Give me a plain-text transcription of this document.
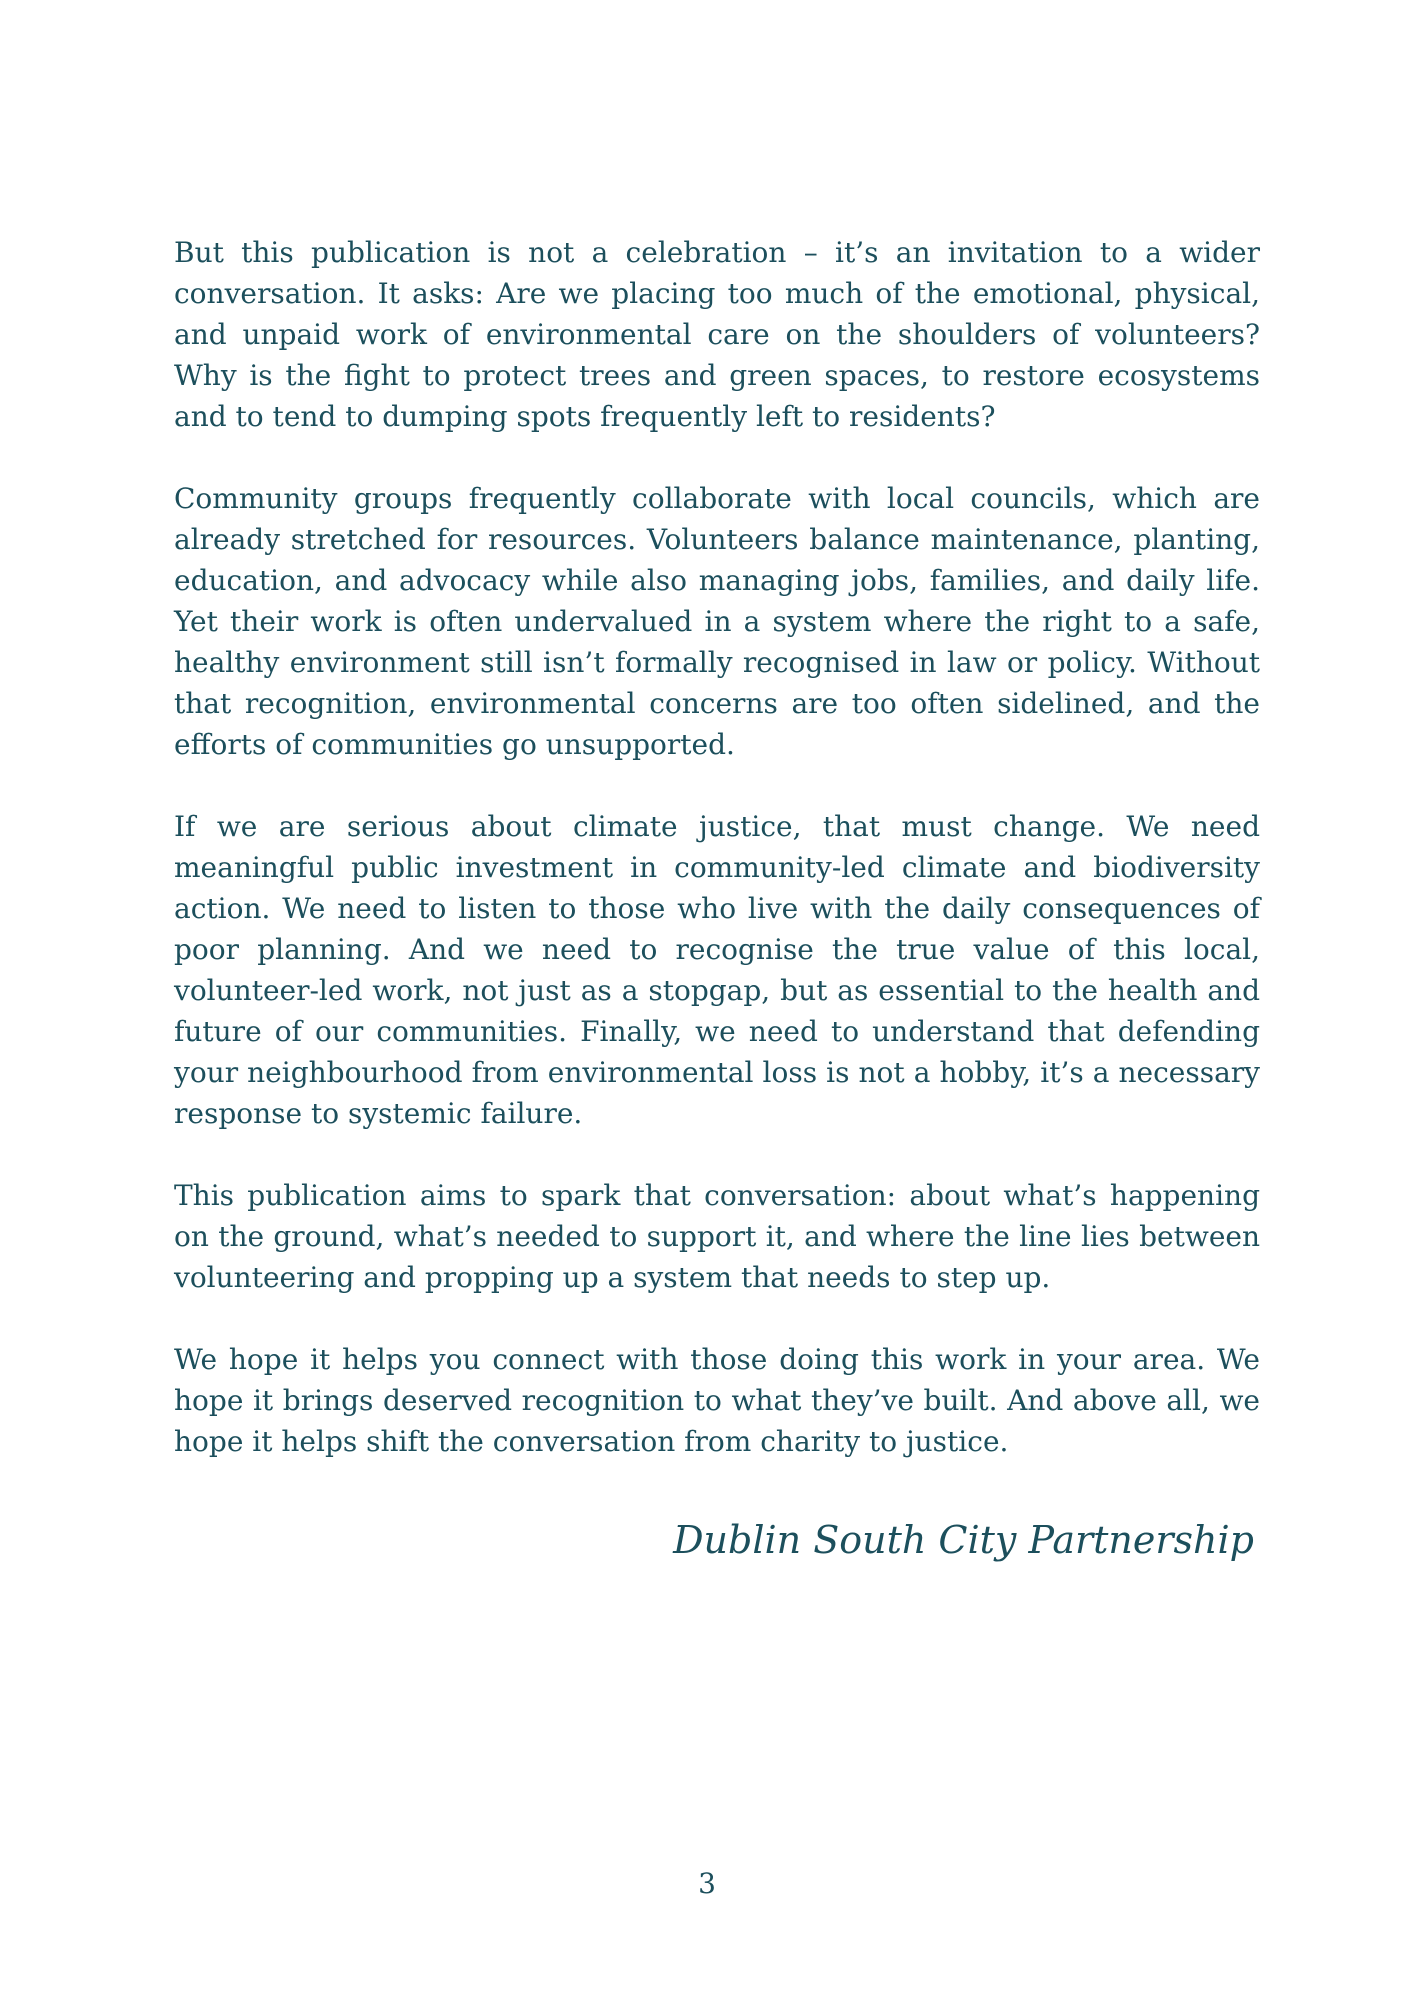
But this publication is not a celebration – it’s an invitation to a wider conversation. It asks: Are we placing too much of the emotional, physical, and unpaid work of environmental care on the shoulders of volunteers? Why is the fight to protect trees and green spaces, to restore ecosystems and to tend to dumping spots frequently left to residents?

Community groups frequently collaborate with local councils, which are already stretched for resources. Volunteers balance maintenance, planting, education, and advocacy while also managing jobs, families, and daily life. Yet their work is often undervalued in a system where the right to a safe, healthy environment still isn’t formally recognised in law or policy. Without that recognition, environmental concerns are too often sidelined, and the efforts of communities go unsupported.

If we are serious about climate justice, that must change. We need meaningful public investment in community-led climate and biodiversity action. We need to listen to those who live with the daily consequences of poor planning. And we need to recognise the true value of this local, volunteer-led work, not just as a stopgap, but as essential to the health and future of our communities. Finally, we need to understand that defending your neighbourhood from environmental loss is not a hobby, it’s a necessary response to systemic failure.

This publication aims to spark that conversation: about what’s happening on the ground, what’s needed to support it, and where the line lies between volunteering and propping up a system that needs to step up.

We hope it helps you connect with those doing this work in your area. We hope it brings deserved recognition to what they’ve built. And above all, we hope it helps shift the conversation from charity to justice.

Dublin South City Partnership
3
